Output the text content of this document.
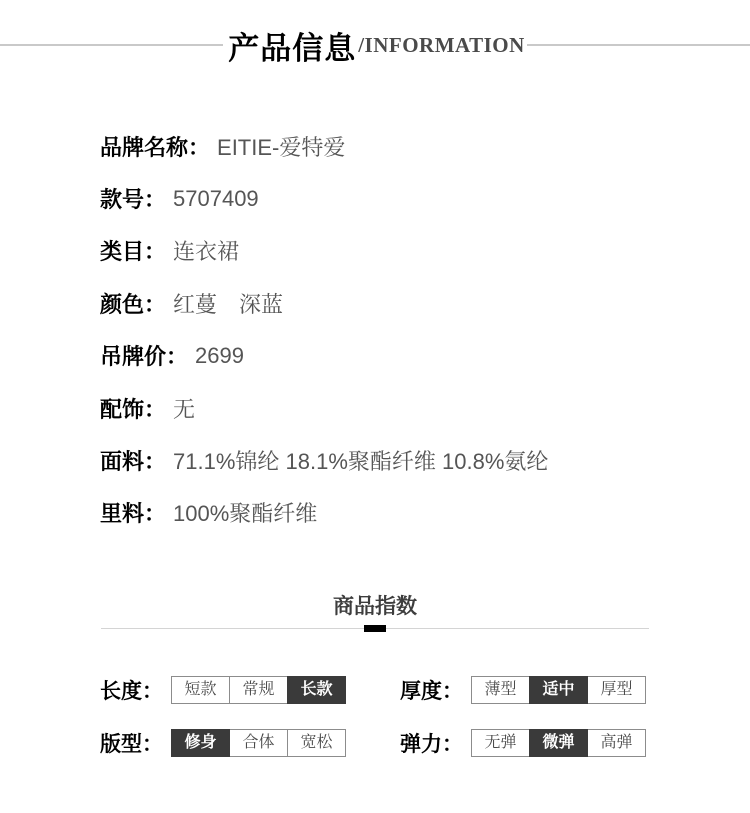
产品信息 /INFORMATION
品牌名称： EITIE-爱特爱
款号： 5707409
类目： 连衣裙
颜色： 红蔓　深蓝
吊牌价： 2699
配饰： 无
面料： 71.1%锦纶 18.1%聚酯纤维 10.8%氨纶
里料： 100%聚酯纤维
商品指数
长度：	短款	常规	长款	厚度：	薄型	适中	厚型
版型：	修身	合体	宽松	弹力：	无弹	微弹	高弹
